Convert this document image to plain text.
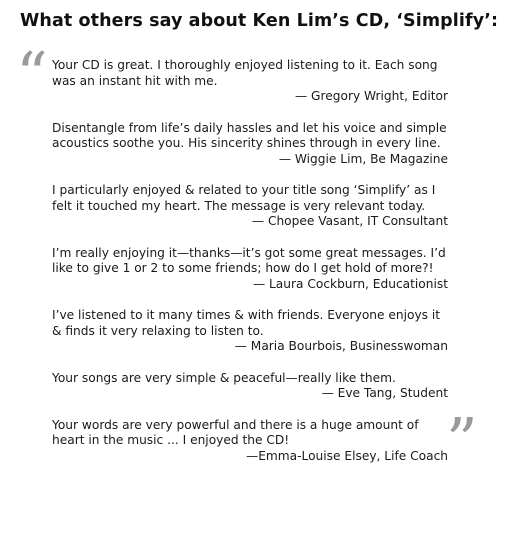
What others say about Ken Lim’s CD, ‘Simplify’:
“ Your CD is great. I thoroughly enjoyed listening to it. Each song was an instant hit with me.

— Gregory Wright, Editor

Disentangle from life’s daily hassles and let his voice and simple acoustics soothe you. His sincerity shines through in every line.

— Wiggie Lim, Be Magazine

I particularly enjoyed & related to your title song ‘Simplify’ as I felt it touched my heart. The message is very relevant today.

— Chopee Vasant, IT Consultant

I’m really enjoying it—thanks—it’s got some great messages. I’d like to give 1 or 2 to some friends; how do I get hold of more?!

— Laura Cockburn, Educationist

I’ve listened to it many times & with friends. Everyone enjoys it & finds it very relaxing to listen to.

— Maria Bourbois, Businesswoman

Your songs are very simple & peaceful—really like them.

— Eve Tang, Student

Your words are very powerful and there is a huge amount of heart in the music ... I enjoyed the CD!

—Emma-Louise Elsey, Life Coach

”
